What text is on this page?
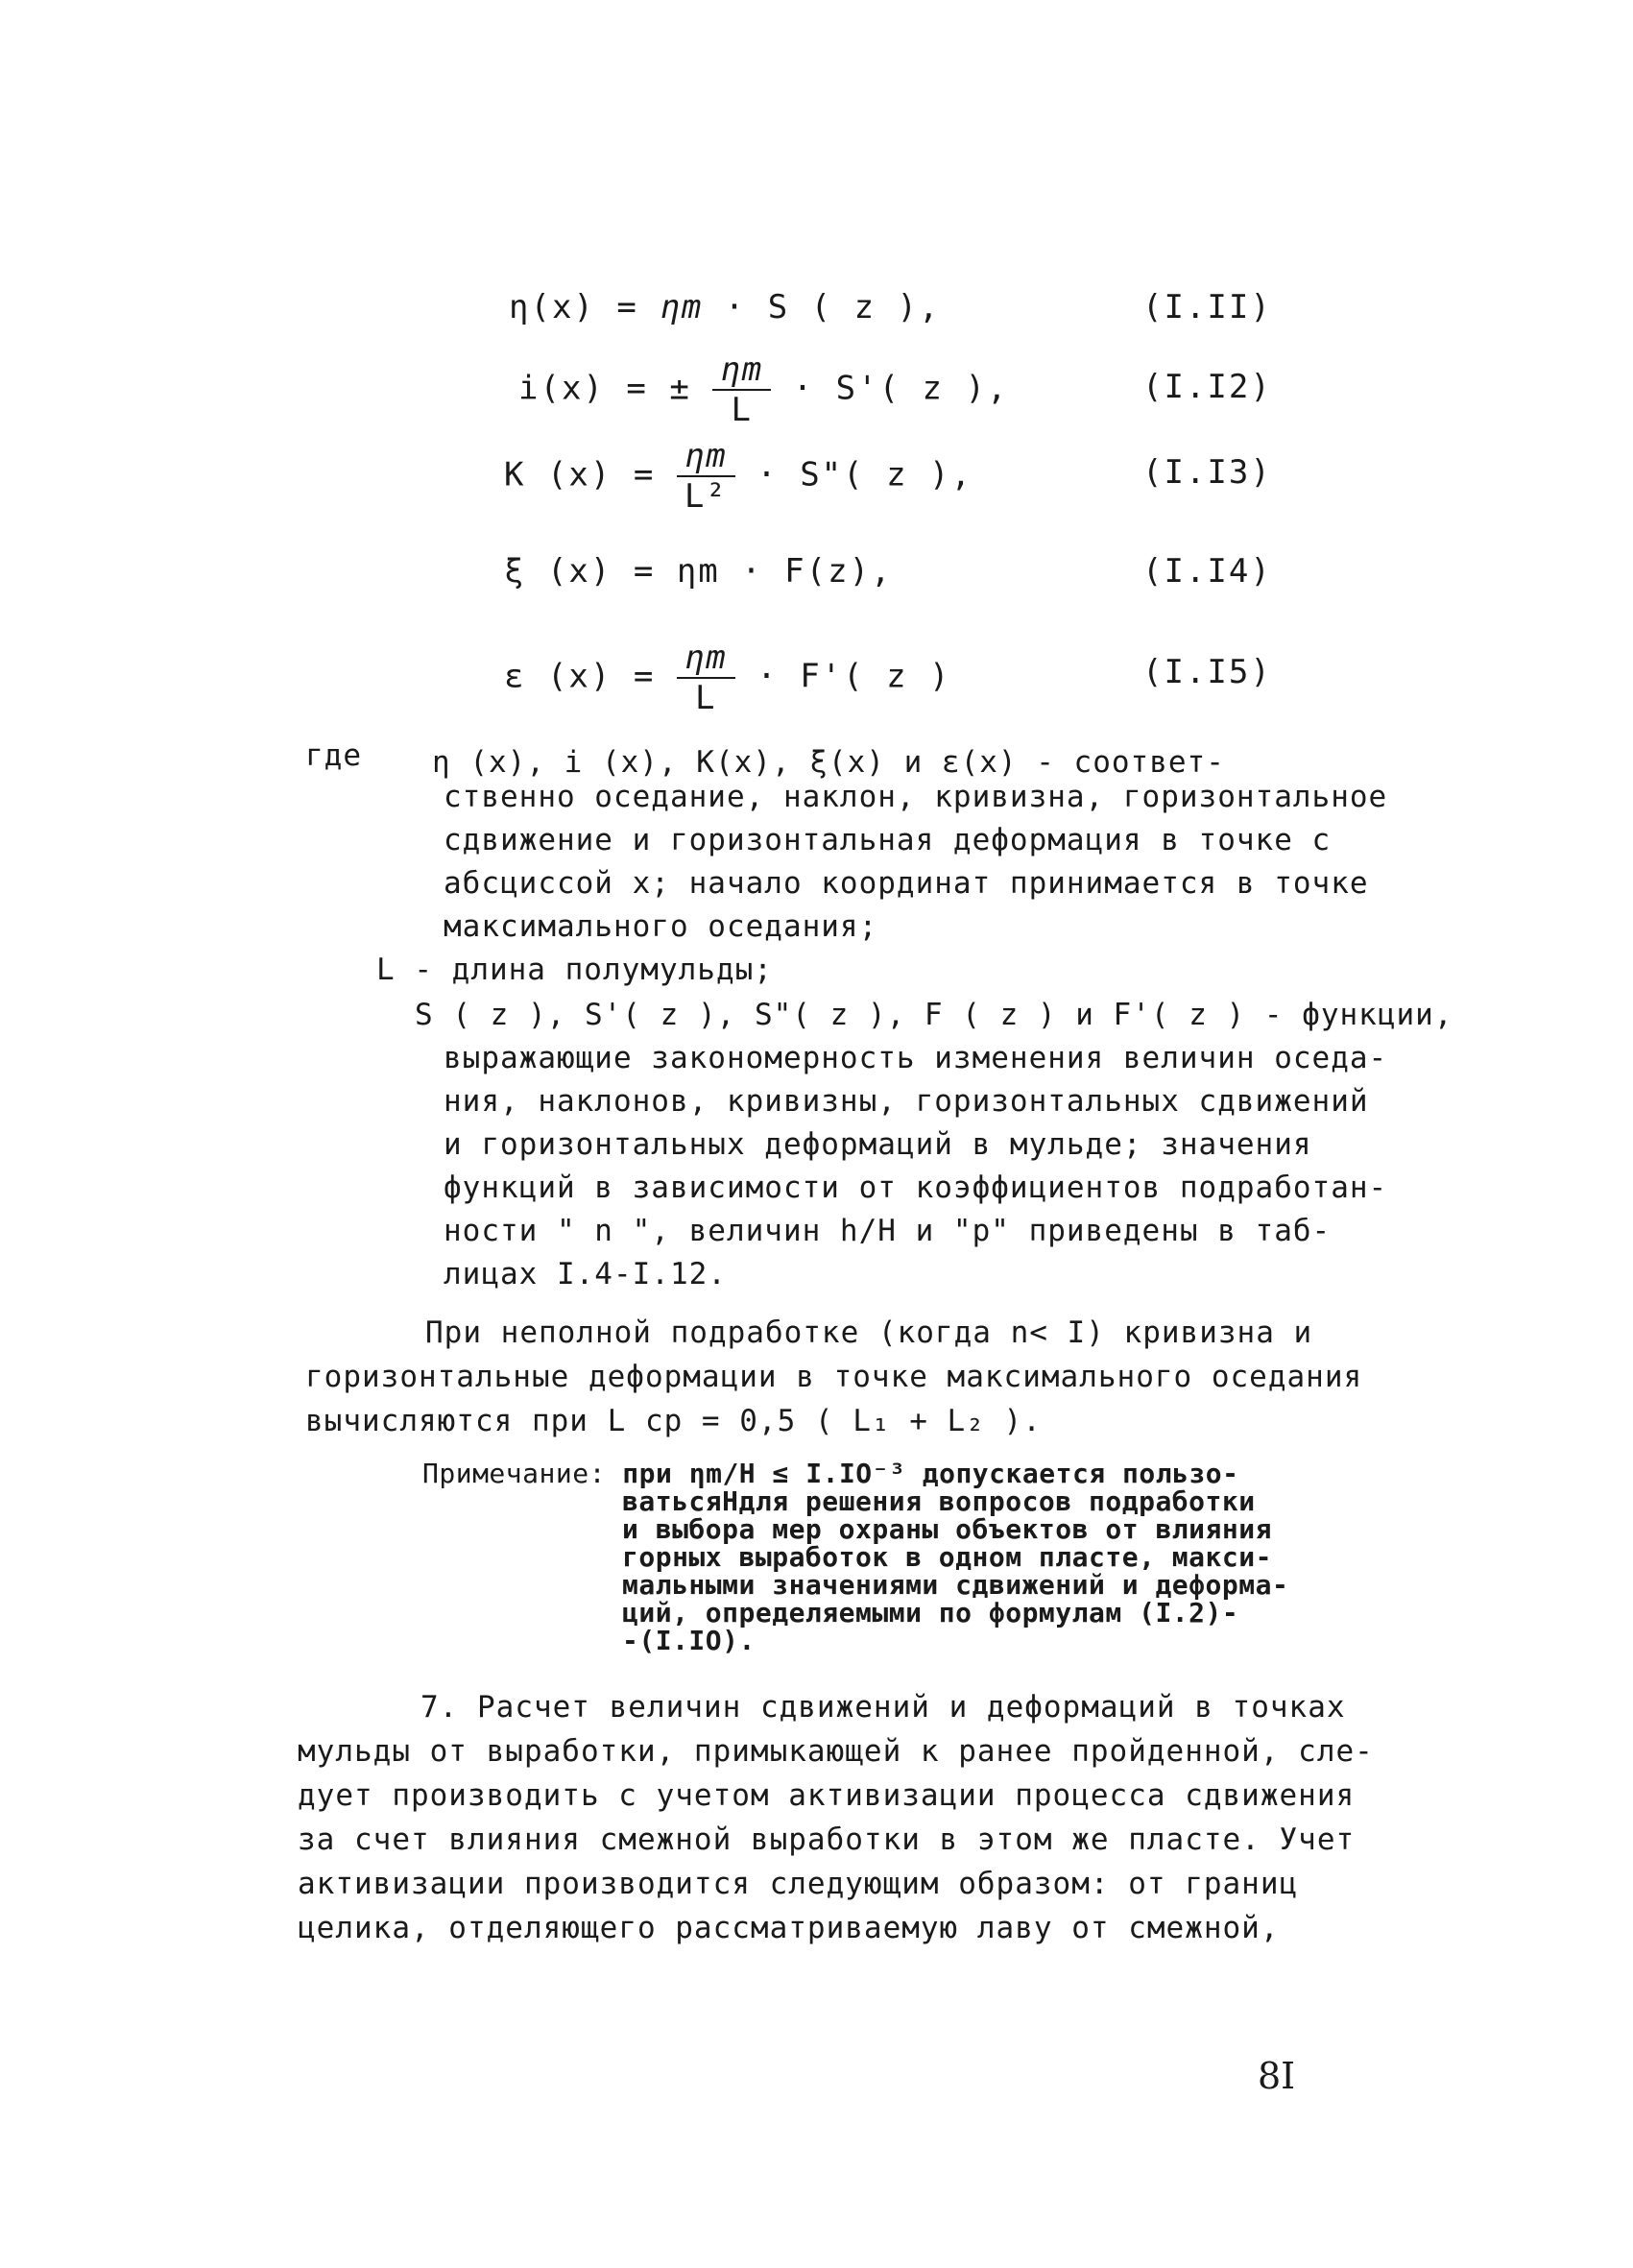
η(x) = ηm · S ( z ),	(I.II)
i(x) = ± $\frac{\eta m}{L} \cdot S'$( z ),	(I.I2)
K $(x) = \frac{\eta m}{\text{L²}}$ · S"( z ),	(I.I3)
ξ (x) = ηm · F(z),	(I.I4)
ε $(x) = \frac{\eta m}{L} \cdot F'$( z )	(I.I5)
где η (x), i (x), K(x), ξ(x) и ε(x) - соответ-
ственно оседание, наклон, кривизна, горизонтальное
сдвижение и горизонтальная деформация в точке с
абсциссой x; начало координат принимается в точке
максимального оседания;
L - длина полумульды;
S ( z ), S'( z ), S"( z ), F ( z ) и F'( z ) - функции,
выражающие закономерность изменения величин оседа-
ния, наклонов, кривизны, горизонтальных сдвижений
и горизонтальных деформаций в мульде; значения
функций в зависимости от коэффициентов подработан-
ности " n ", величин h/H и "p" приведены в таб-
лицах I.4-I.12.
При неполной подработке (когда n< I) кривизна и
горизонтальные деформации в точке максимального оседания
вычисляются при L cp = 0,5 ( L₁ + L₂ ).
Примечание: при ηm/H ≤ I.IO⁻³ допускается пользо-
ватьсяНдля решения вопросов подработки
и выбора мер охраны объектов от влияния
горных выработок в одном пласте, макси-
мальными значениями сдвижений и деформа-
ций, определяемыми по формулам (I.2)-
-(I.IO).
7. Расчет величин сдвижений и деформаций в точках
мульды от выработки, примыкающей к ранее пройденной, сле-
дует производить с учетом активизации процесса сдвижения
за счет влияния смежной выработки в этом же пласте. Учет
активизации производится следующим образом: от границ
целика, отделяющего рассматриваемую лаву от смежной,
8I
